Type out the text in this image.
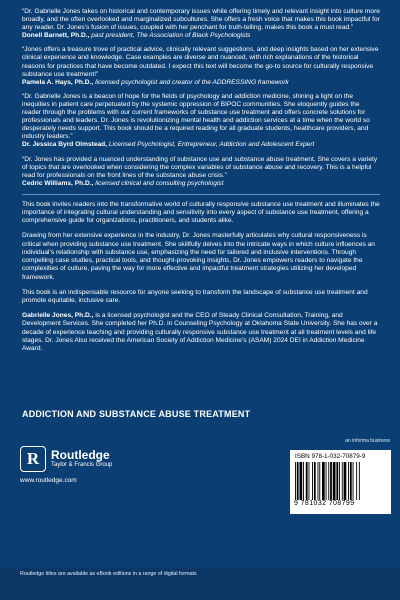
“Dr. Gabrielle Jones takes on historical and contemporary issues while offering timely and relevant insight into culture more broadly, and the often overlooked and marginalized subcultures. She offers a fresh voice that makes this book impactful for any reader. Dr. Jones’s fusion of issues, coupled with her penchant for truth-telling, makes this book a must read.”

Donell Barnett, Ph.D., past president, The Association of Black Psychologists

“Jones offers a treasure trove of practical advice, clinically relevant suggestions, and deep insights based on her extensive clinical experience and knowledge. Case examples are diverse and nuanced, with rich explanations of the historical reasons for practices that have become outdated. I expect this text will become the go-to source for culturally responsive substance use treatment!”

Pamela A. Hays, Ph.D., licensed psychologist and creator of the ADDRESSING framework

“Dr. Gabrielle Jones is a beacon of hope for the fields of psychology and addiction medicine, shining a light on the inequities in patient care perpetuated by the systemic oppression of BIPOC communities. She eloquently guides the reader through the problems with our current frameworks of substance use treatment and offers concrete solutions for professionals and leaders. Dr. Jones is revolutionizing mental health and addiction services at a time when the world so desperately needs support. This book should be a required reading for all graduate students, healthcare providers, and industry leaders.”

Dr. Jessica Byrd Olmstead, Licensed Psychologist, Entrepreneur, Addiction and Adolescent Expert

“Dr. Jones has provided a nuanced understanding of substance use and substance abuse treatment. She covers a variety of topics that are overlooked when considering the complex variables of substance abuse and recovery. This is a helpful read for professionals on the front lines of the substance abuse crisis.”

Cedric Williams, Ph.D., licensed clinical and consulting psychologist

This book invites readers into the transformative world of culturally responsive substance use treatment and illuminates the importance of integrating cultural understanding and sensitivity into every aspect of substance use treatment, offering a comprehensive guide for organizations, practitioners, and students alike.

Drawing from her extensive experience in the industry, Dr. Jones masterfully articulates why cultural responsiveness is critical when providing substance use treatment. She skillfully delves into the intricate ways in which culture influences an individual’s relationship with substance use, emphasizing the need for tailored and inclusive interventions. Through compelling case studies, practical tools, and thought-provoking insights, Dr. Jones empowers readers to navigate the complexities of culture, paving the way for more effective and impactful treatment strategies utilizing her developed framework.

This book is an indispensable resource for anyone seeking to transform the landscape of substance use treatment and promote equitable, inclusive care.

Gabrielle Jones, Ph.D., is a licensed psychologist and the CEO of Steady Clinical Consultation, Training, and Development Services. She completed her Ph.D. in Counseling Psychology at Oklahoma State University. She has over a decade of experience teaching and providing culturally responsive substance use treatment at all treatment levels and life stages. Dr. Jones Also received the American Society of Addiction Medicine’s (ASAM) 2024 DEI in Addiction Medicine Award.

ADDICTION AND SUBSTANCE ABUSE TREATMENT
an informa business
R Routledge
Taylor & Francis Group
www.routledge.com
ISBN 978-1-032-70879-9
9 781032 708799
Routledge titles are available as eBook editions in a range of digital formats
